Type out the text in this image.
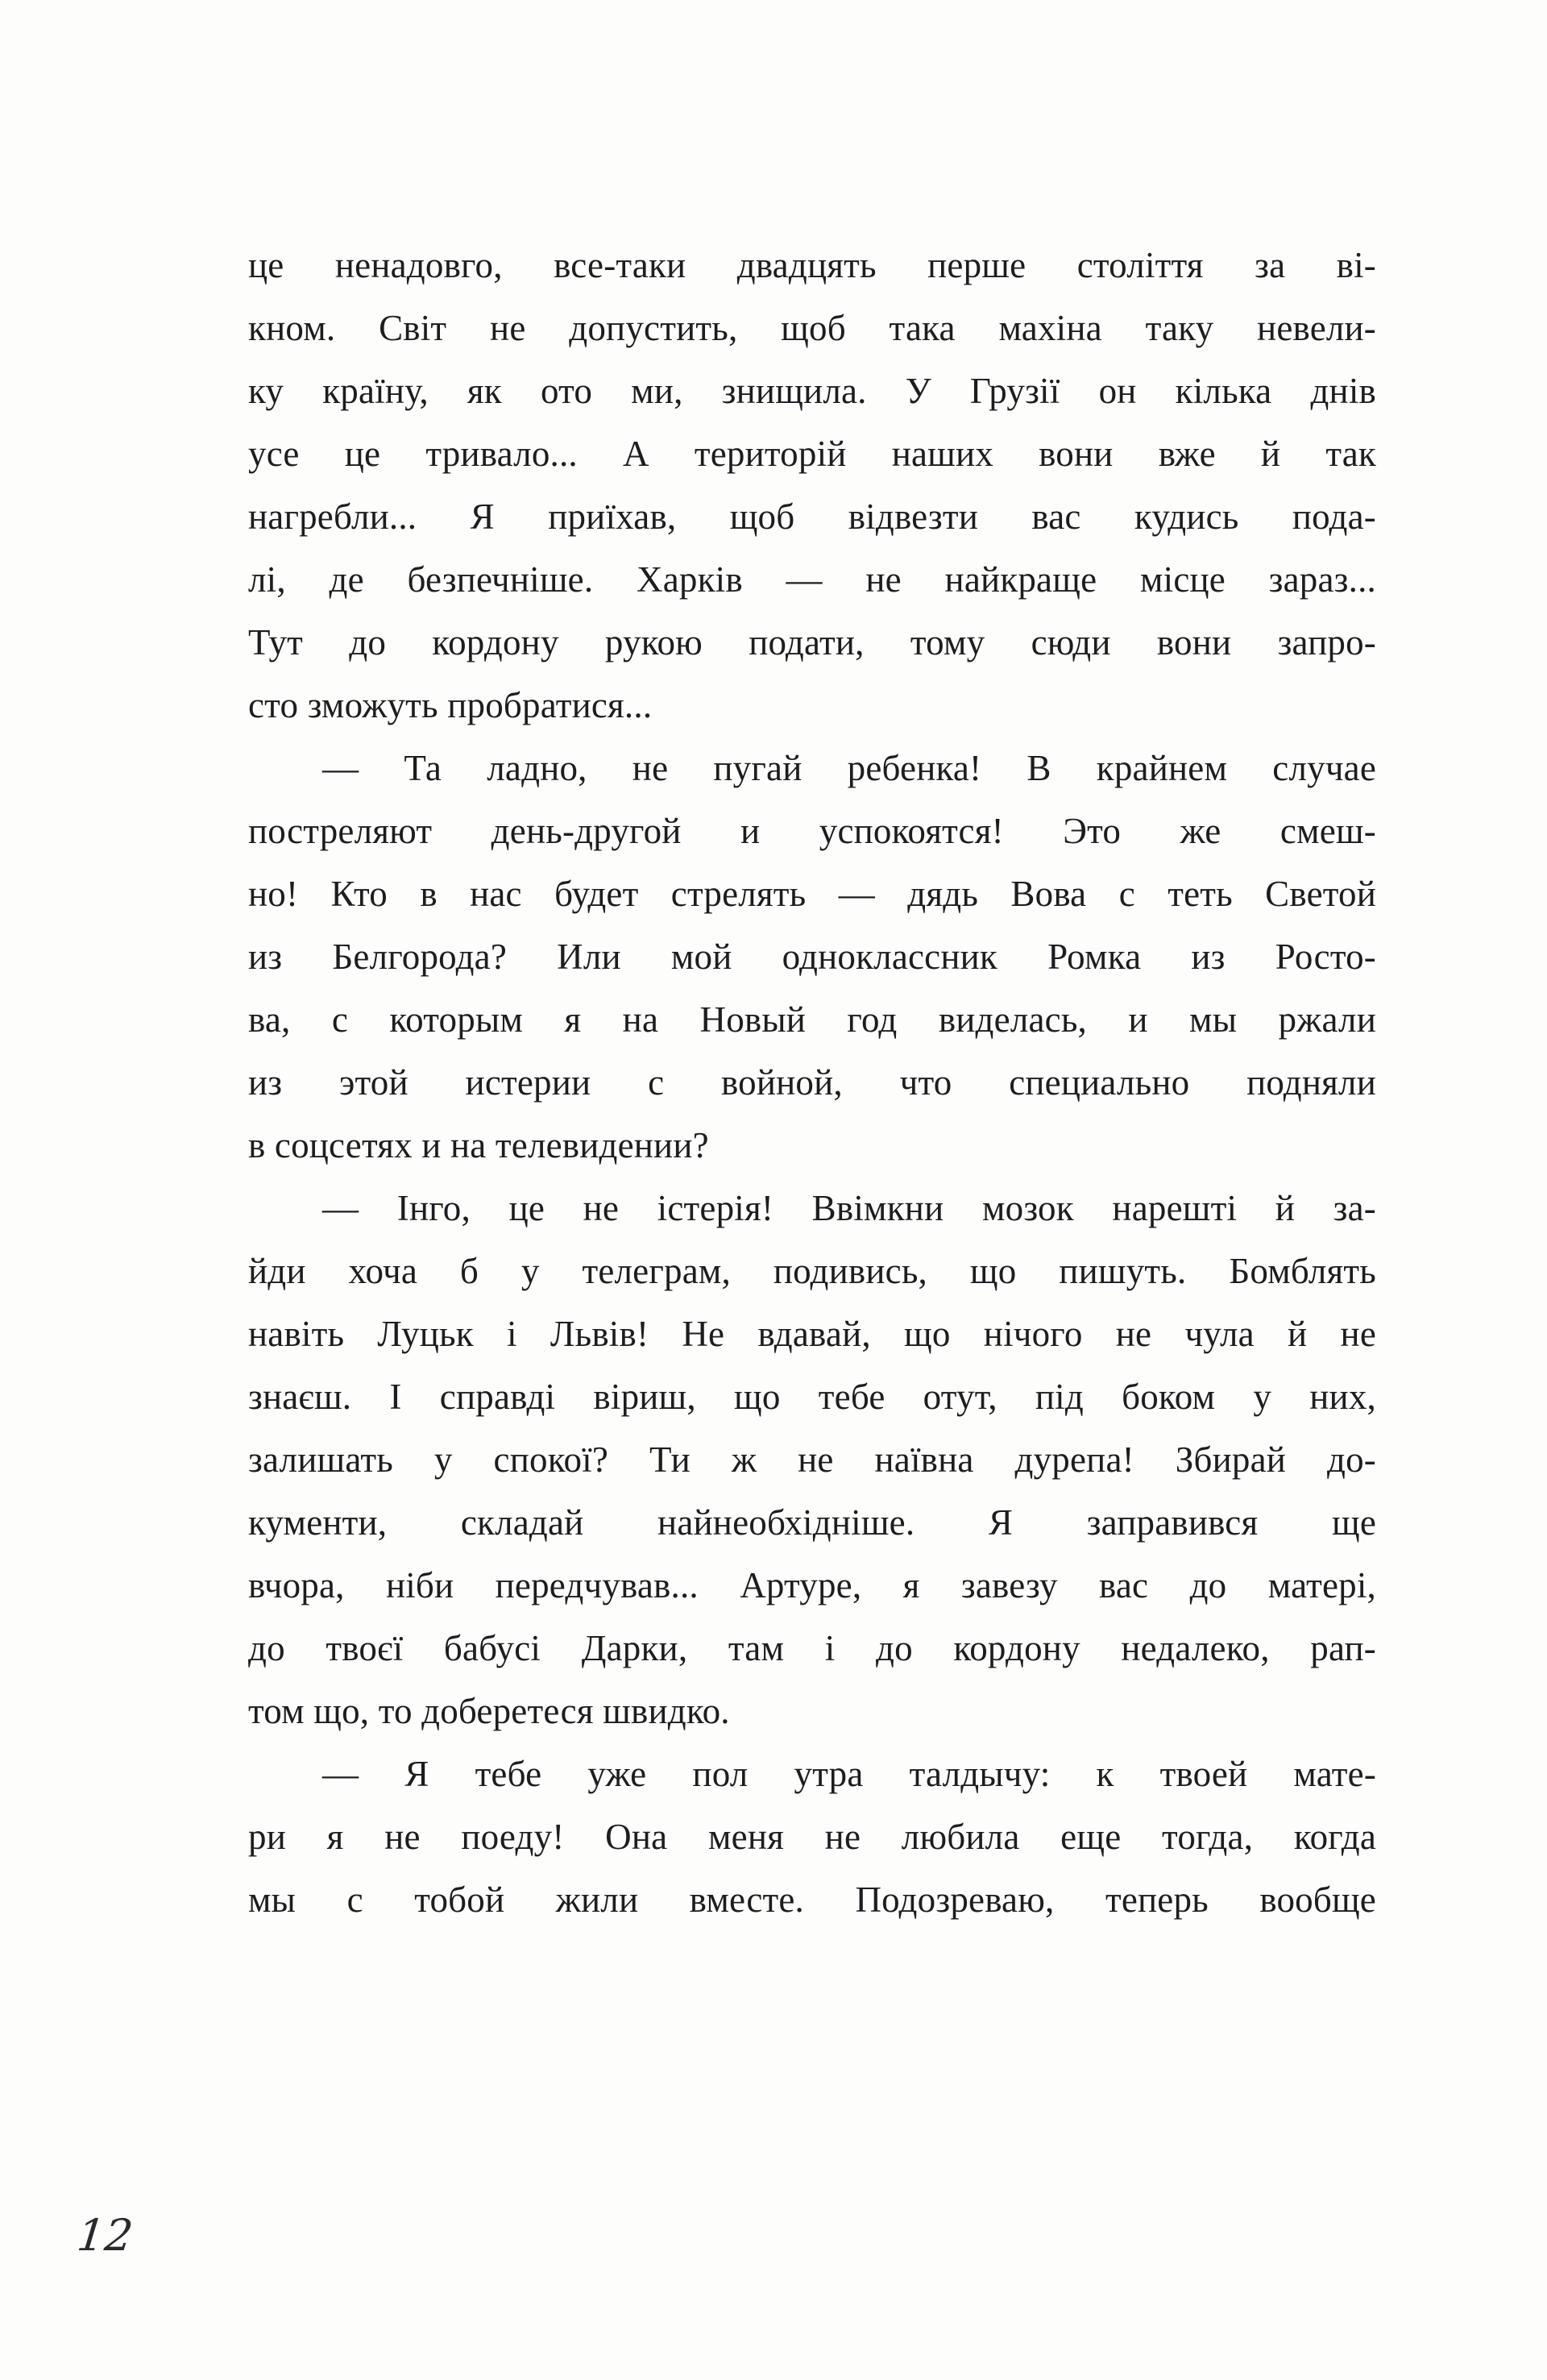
це ненадовго, все-таки двадцять перше століття за ві-
кном. Світ не допустить, щоб така махіна таку невели-
ку країну, як ото ми, знищила. У Грузії он кілька днів
усе це тривало... А територій наших вони вже й так
нагребли... Я приїхав, щоб відвезти вас кудись пода-
лі, де безпечніше. Харків — не найкраще місце зараз...
Тут до кордону рукою подати, тому сюди вони запро-
сто зможуть пробратися...
— Та ладно, не пугай ребенка! В крайнем случае
постреляют день-другой и успокоятся! Это же смеш-
но! Кто в нас будет стрелять — дядь Вова с теть Светой
из Белгорода? Или мой одноклассник Ромка из Росто-
ва, с которым я на Новый год виделась, и мы ржали
из этой истерии с войной, что специально подняли
в соцсетях и на телевидении?
— Інго, це не істерія! Ввімкни мозок нарешті й за-
йди хоча б у телеграм, подивись, що пишуть. Бомблять
навіть Луцьк і Львів! Не вдавай, що нічого не чула й не
знаєш. І справді віриш, що тебе отут, під боком у них,
залишать у спокої? Ти ж не наївна дурепа! Збирай до-
кументи, складай найнеобхідніше. Я заправився ще
вчора, ніби передчував... Артуре, я завезу вас до матері,
до твоєї бабусі Дарки, там і до кордону недалеко, рап-
том що, то доберетеся швидко.
— Я тебе уже пол утра талдычу: к твоей мате-
ри я не поеду! Она меня не любила еще тогда, когда
мы с тобой жили вместе. Подозреваю, теперь вообще
12
